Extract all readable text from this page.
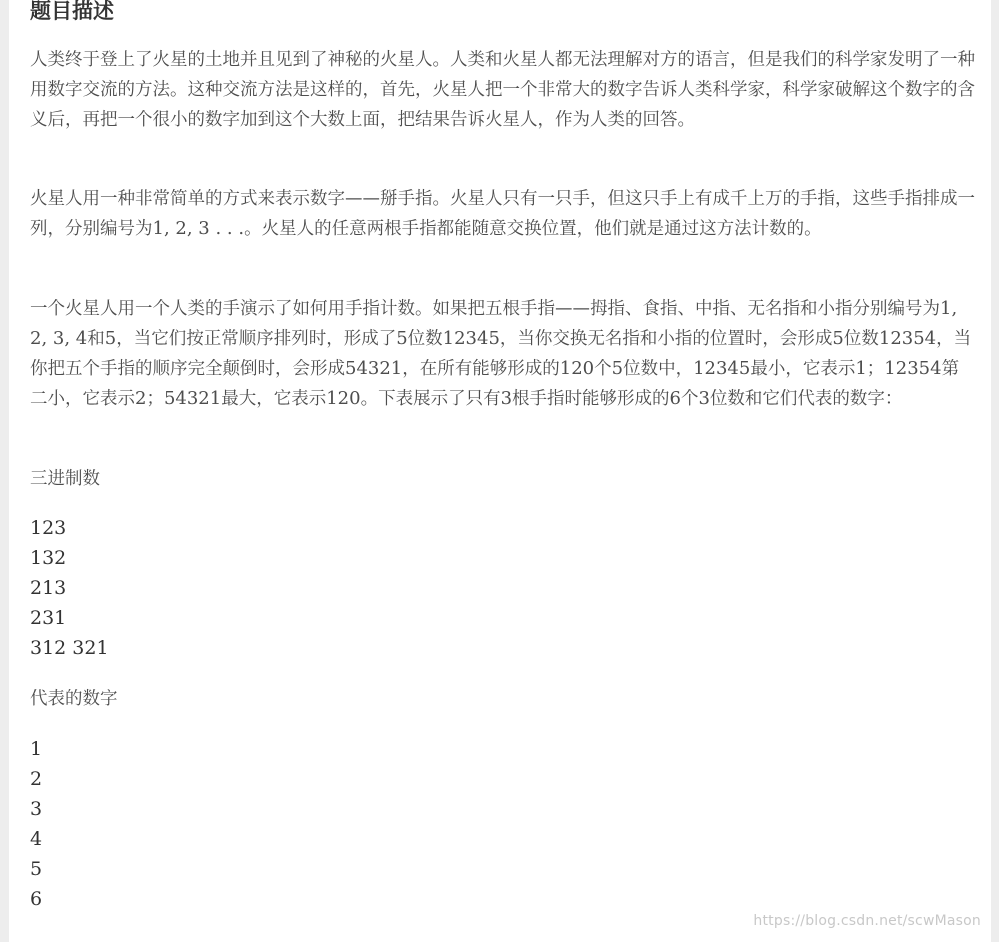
题目描述

人类终于登上了火星的土地并且见到了神秘的火星人。人类和火星人都无法理解对方的语言，但是我们的科学家发明了一种用数字交流的方法。这种交流方法是这样的，首先，火星人把一个非常大的数字告诉人类科学家，科学家破解这个数字的含义后，再把一个很小的数字加到这个大数上面，把结果告诉火星人，作为人类的回答。

火星人用一种非常简单的方式来表示数字——掰手指。火星人只有一只手，但这只手上有成千上万的手指，这些手指排成一列，分别编号为1, 2, 3 . . .。火星人的任意两根手指都能随意交换位置，他们就是通过这方法计数的。

一个火星人用一个人类的手演示了如何用手指计数。如果把五根手指——拇指、食指、中指、无名指和小指分别编号为1, 2, 3, 4和5，当它们按正常顺序排列时，形成了5位数12345，当你交换无名指和小指的位置时，会形成5位数12354，当你把五个手指的顺序完全颠倒时，会形成54321，在所有能够形成的120个5位数中，12345最小，它表示1；12354第二小，它表示2；54321最大，它表示120。下表展示了只有3根手指时能够形成的6个3位数和它们代表的数字：

三进制数

123
132
213
231
312 321

代表的数字

1
2
3
4
5
6
https://blog.csdn.net/scwMason
